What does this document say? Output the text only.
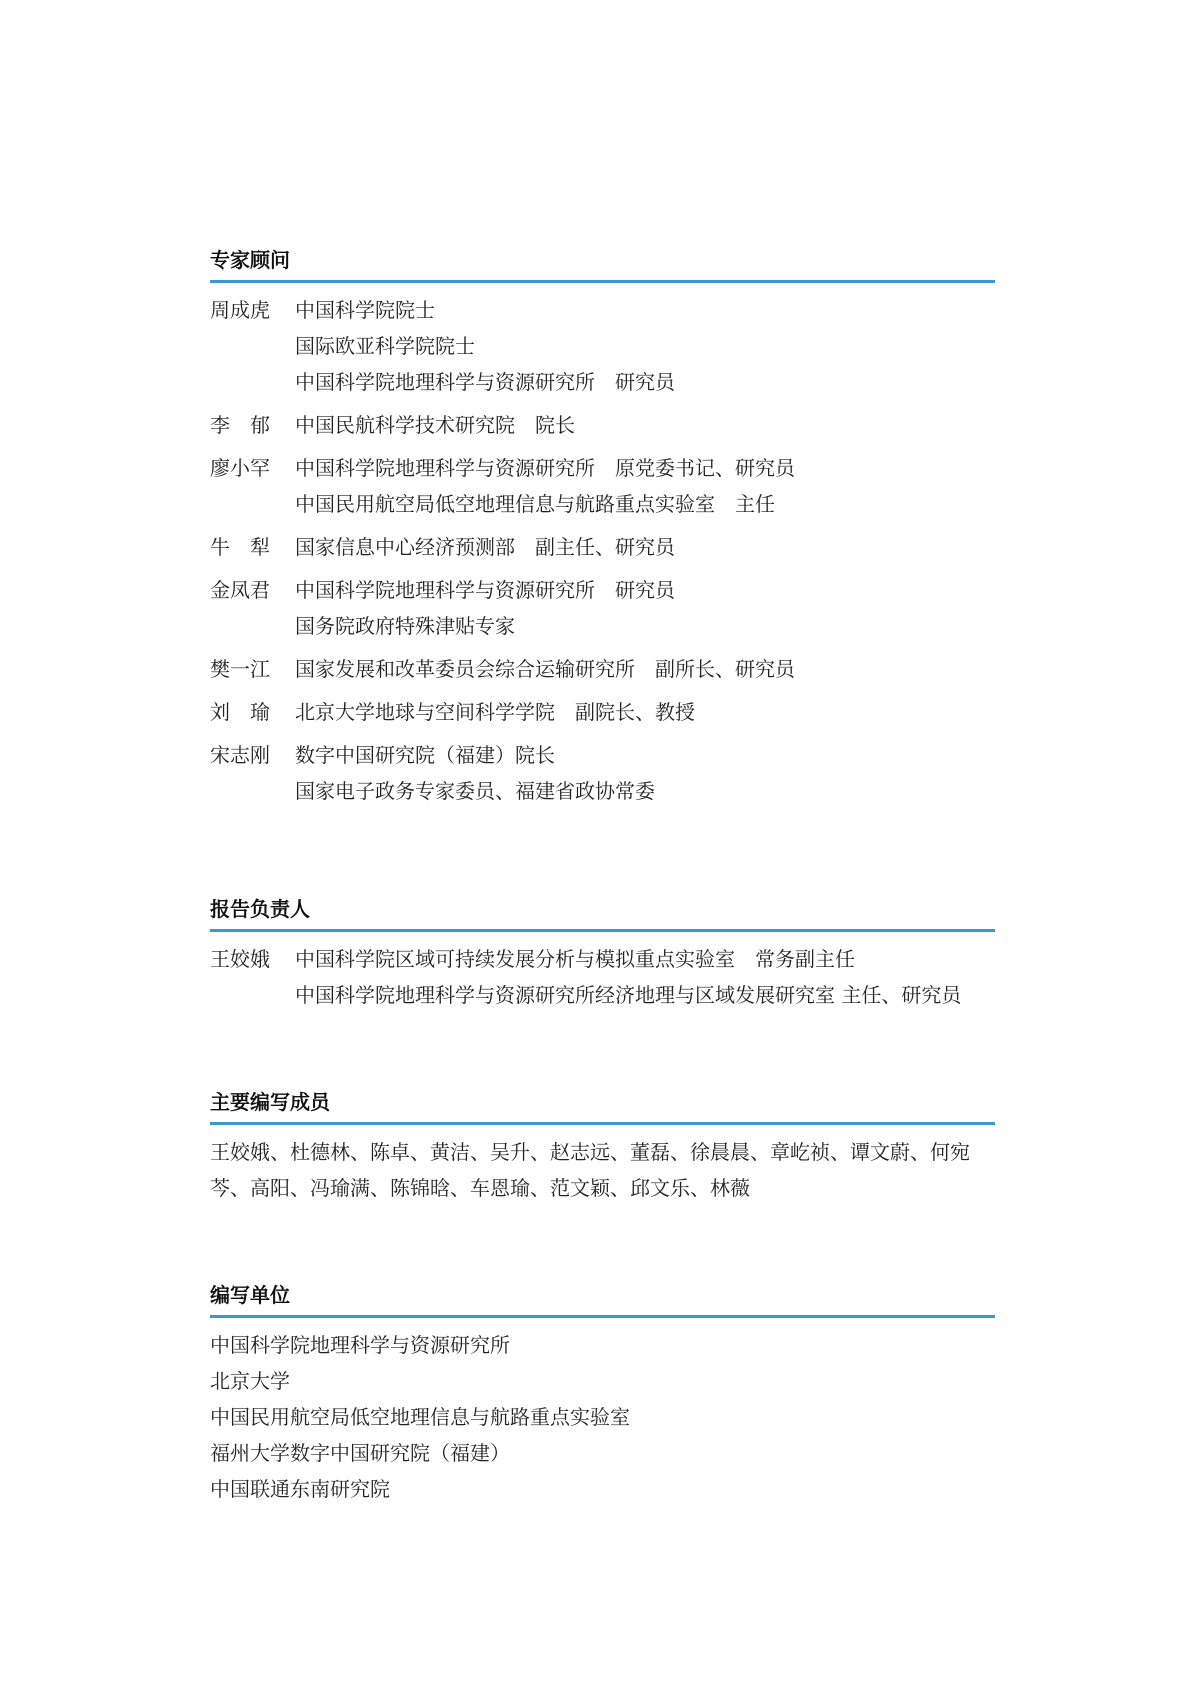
专家顾问
周成虎	中国科学院院士
国际欧亚科学院院士
中国科学院地理科学与资源研究所　研究员
李　郁	中国民航科学技术研究院　院长
廖小罕	中国科学院地理科学与资源研究所　原党委书记、研究员
中国民用航空局低空地理信息与航路重点实验室　主任
牛　犁	国家信息中心经济预测部　副主任、研究员
金凤君	中国科学院地理科学与资源研究所　研究员
国务院政府特殊津贴专家
樊一江	国家发展和改革委员会综合运输研究所　副所长、研究员
刘　瑜	北京大学地球与空间科学学院　副院长、教授
宋志刚	数字中国研究院（福建）院长
国家电子政务专家委员、福建省政协常委
报告负责人
王姣娥	中国科学院区域可持续发展分析与模拟重点实验室　常务副主任
中国科学院地理科学与资源研究所经济地理与区域发展研究室 主任、研究员
主要编写成员
王姣娥、杜德林、陈卓、黄洁、吴升、赵志远、董磊、徐晨晨、章屹祯、谭文蔚、何宛
芩、高阳、冯瑜满、陈锦晗、车恩瑜、范文颖、邱文乐、林薇
编写单位
中国科学院地理科学与资源研究所
北京大学
中国民用航空局低空地理信息与航路重点实验室
福州大学数字中国研究院（福建）
中国联通东南研究院
